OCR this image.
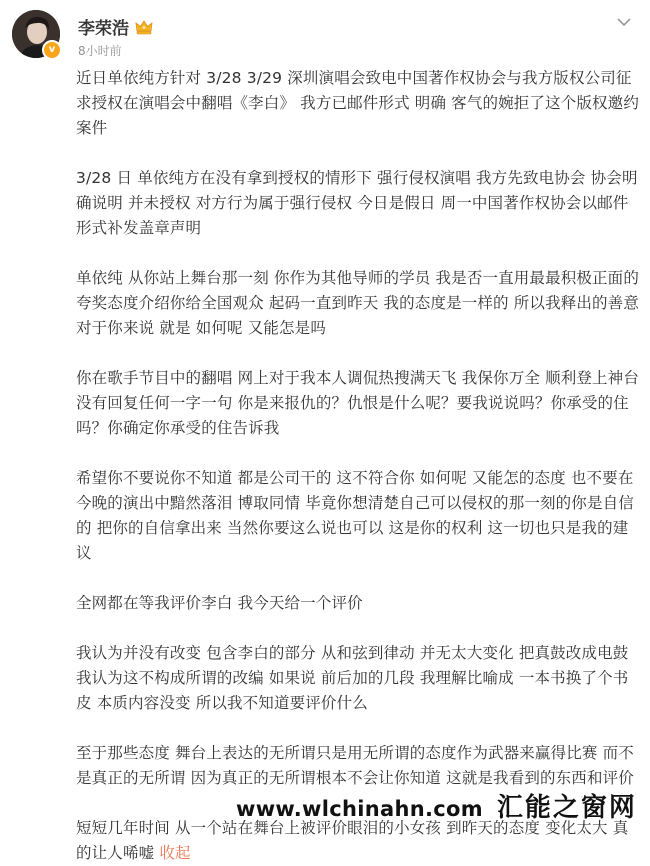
v
李荣浩
8小时前

近日单依纯方针对 3/28 3/29 深圳演唱会致电中国著作权协会与我方版权公司征求授权在演唱会中翻唱《李白》 我方已邮件形式 明确 客气的婉拒了这个版权邀约案件

3/28 日 单依纯方在没有拿到授权的情形下 强行侵权演唱 我方先致电协会 协会明确说明 并未授权 对方行为属于强行侵权 今日是假日 周一中国著作权协会以邮件形式补发盖章声明

单依纯 从你站上舞台那一刻 你作为其他导师的学员 我是否一直用最最积极正面的夸奖态度介绍你给全国观众 起码一直到昨天 我的态度是一样的 所以我释出的善意对于你来说 就是 如何呢 又能怎是吗

你在歌手节目中的翻唱 网上对于我本人调侃热搜满天飞 我保你万全 顺利登上神台没有回复任何一字一句 你是来报仇的？仇恨是什么呢？要我说说吗？你承受的住吗？你确定你承受的住告诉我

希望你不要说你不知道 都是公司干的 这不符合你 如何呢 又能怎的态度 也不要在今晚的演出中黯然落泪 博取同情 毕竟你想清楚自己可以侵权的那一刻的你是自信的 把你的自信拿出来 当然你要这么说也可以 这是你的权利 这一切也只是我的建议

全网都在等我评价李白 我今天给一个评价

我认为并没有改变 包含李白的部分 从和弦到律动 并无太大变化 把真鼓改成电鼓 我认为这不构成所谓的改编 如果说 前后加的几段 我理解比喻成 一本书换了个书皮 本质内容没变 所以我不知道要评价什么

至于那些态度 舞台上表达的无所谓只是用无所谓的态度作为武器来赢得比赛 而不是真正的无所谓 因为真正的无所谓根本不会让你知道 这就是我看到的东西和评价

短短几年时间 从一个站在舞台上被评价眼泪的小女孩 到昨天的态度 变化太大 真的让人唏嘘 收起

www.wlchinahn.com 汇能之窗网
